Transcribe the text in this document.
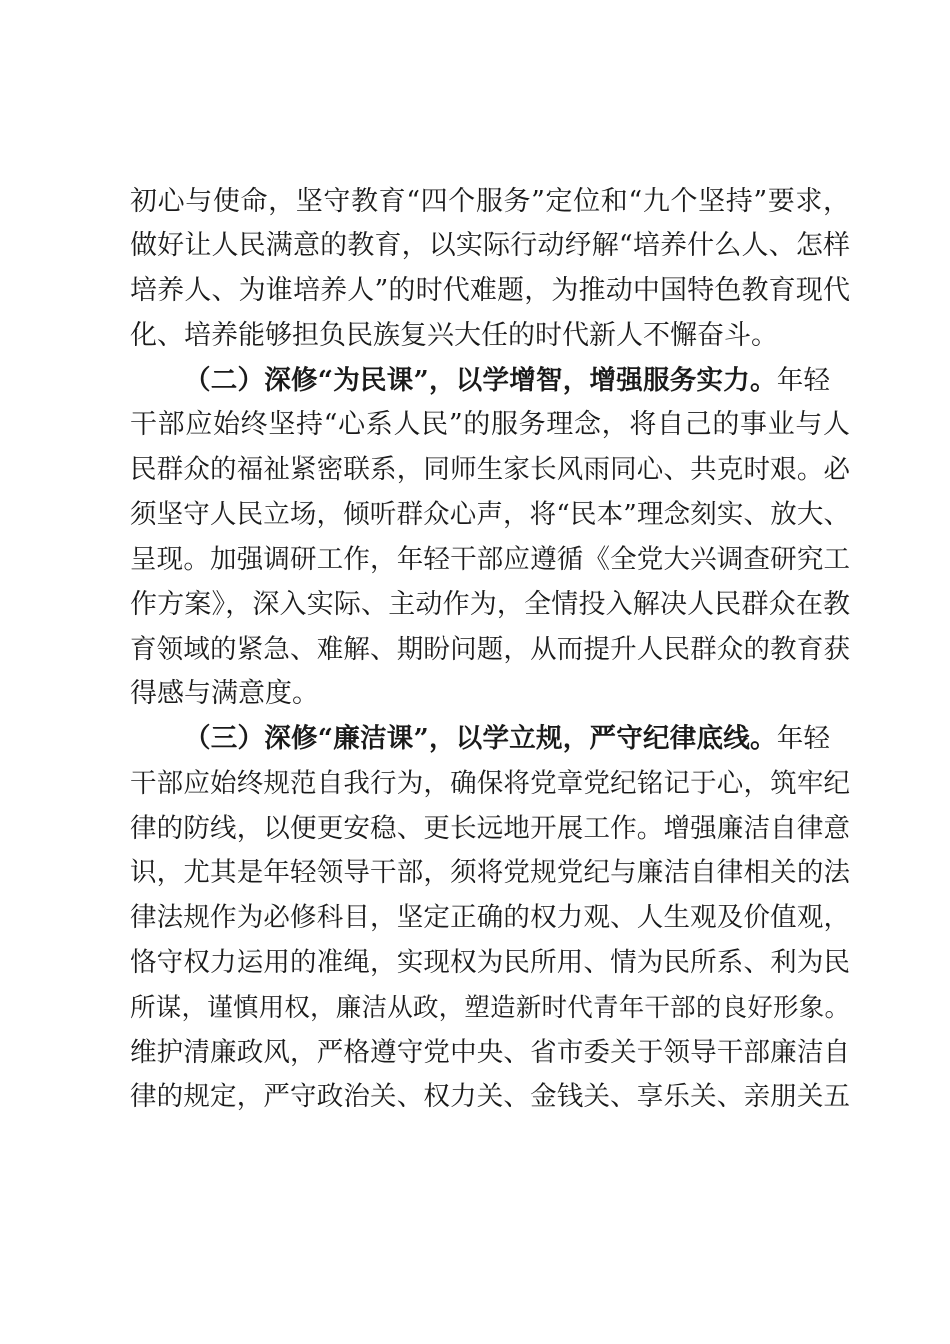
初心与使命，坚守教育“四个服务”定位和“九个坚持”要求，
做好让人民满意的教育，以实际行动纾解“培养什么人、怎样
培养人、为谁培养人”的时代难题，为推动中国特色教育现代
化、培养能够担负民族复兴大任的时代新人不懈奋斗。
（二）深修“为民课”，以学增智，增强服务实力。年轻
干部应始终坚持“心系人民”的服务理念，将自己的事业与人
民群众的福祉紧密联系，同师生家长风雨同心、共克时艰。必
须坚守人民立场，倾听群众心声，将“民本”理念刻实、放大、
呈现。加强调研工作，年轻干部应遵循《全党大兴调查研究工
作方案》，深入实际、主动作为，全情投入解决人民群众在教
育领域的紧急、难解、期盼问题，从而提升人民群众的教育获
得感与满意度。
（三）深修“廉洁课”，以学立规，严守纪律底线。年轻
干部应始终规范自我行为，确保将党章党纪铭记于心，筑牢纪
律的防线，以便更安稳、更长远地开展工作。增强廉洁自律意
识，尤其是年轻领导干部，须将党规党纪与廉洁自律相关的法
律法规作为必修科目，坚定正确的权力观、人生观及价值观，
恪守权力运用的准绳，实现权为民所用、情为民所系、利为民
所谋，谨慎用权，廉洁从政，塑造新时代青年干部的良好形象。
维护清廉政风，严格遵守党中央、省市委关于领导干部廉洁自
律的规定，严守政治关、权力关、金钱关、享乐关、亲朋关五
